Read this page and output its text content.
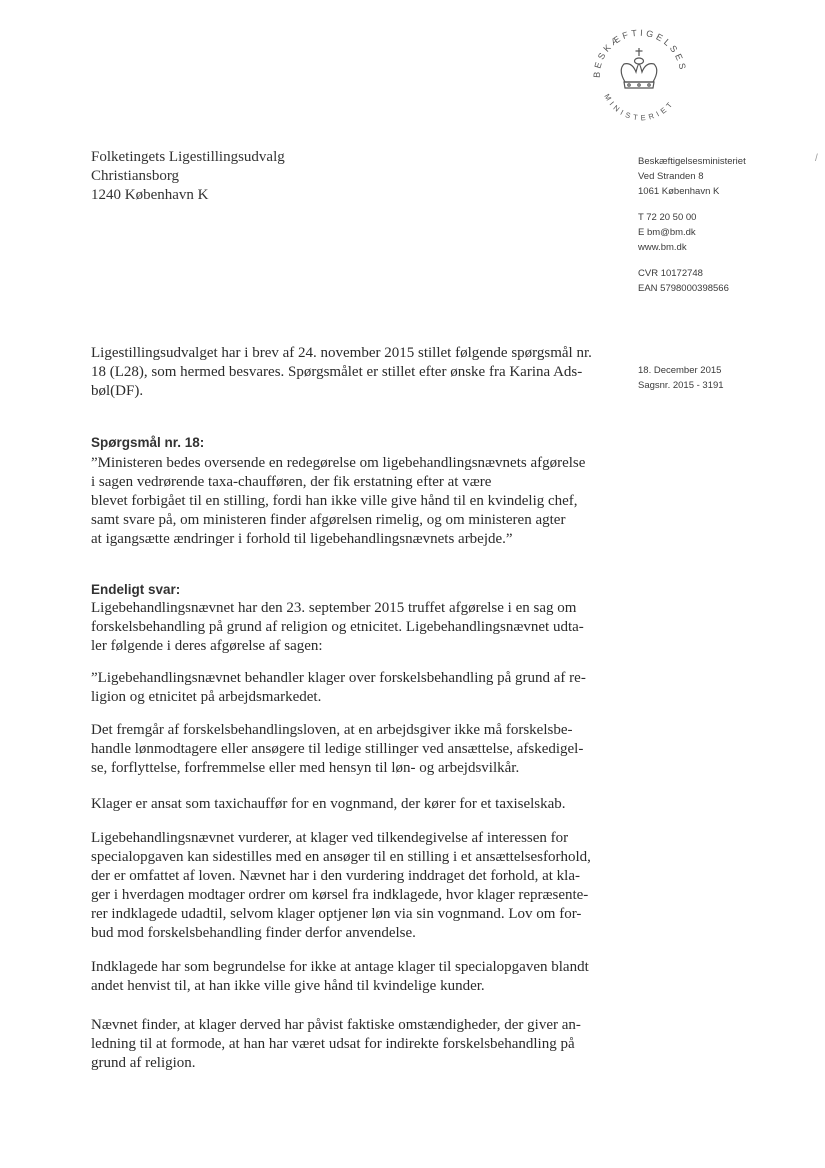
BESKÆFTIGELSES
MINISTERIET
Folketingets Ligestillingsudvalg
Christiansborg
1240 København K
Beskæftigelsesministeriet
Ved Stranden 8
1061 København K
T 72 20 50 00
E bm@bm.dk
www.bm.dk
CVR 10172748
EAN 5798000398566
/
18. December 2015
Sagsnr. 2015 - 3191
Ligestillingsudvalget har i brev af 24. november 2015 stillet følgende spørgsmål nr.
18 (L28), som hermed besvares. Spørgsmålet er stillet efter ønske fra Karina Ads-
bøl(DF).
Spørgsmål nr. 18:
”Ministeren bedes oversende en redegørelse om ligebehandlingsnævnets afgørelse
i sagen vedrørende taxa-chaufføren, der fik erstatning efter at være
blevet forbigået til en stilling, fordi han ikke ville give hånd til en kvindelig chef,
samt svare på, om ministeren finder afgørelsen rimelig, og om ministeren agter
at igangsætte ændringer i forhold til ligebehandlingsnævnets arbejde.”
Endeligt svar:
Ligebehandlingsnævnet har den 23. september 2015 truffet afgørelse i en sag om
forskelsbehandling på grund af religion og etnicitet. Ligebehandlingsnævnet udta-
ler følgende i deres afgørelse af sagen:
”Ligebehandlingsnævnet behandler klager over forskelsbehandling på grund af re-
ligion og etnicitet på arbejdsmarkedet.
Det fremgår af forskelsbehandlingsloven, at en arbejdsgiver ikke må forskelsbe-
handle lønmodtagere eller ansøgere til ledige stillinger ved ansættelse, afskedigel-
se, forflyttelse, forfremmelse eller med hensyn til løn- og arbejdsvilkår.
Klager er ansat som taxichauffør for en vognmand, der kører for et taxiselskab.
Ligebehandlingsnævnet vurderer, at klager ved tilkendegivelse af interessen for
specialopgaven kan sidestilles med en ansøger til en stilling i et ansættelsesforhold,
der er omfattet af loven. Nævnet har i den vurdering inddraget det forhold, at kla-
ger i hverdagen modtager ordrer om kørsel fra indklagede, hvor klager repræsente-
rer indklagede udadtil, selvom klager optjener løn via sin vognmand. Lov om for-
bud mod forskelsbehandling finder derfor anvendelse.
Indklagede har som begrundelse for ikke at antage klager til specialopgaven blandt
andet henvist til, at han ikke ville give hånd til kvindelige kunder.
Nævnet finder, at klager derved har påvist faktiske omstændigheder, der giver an-
ledning til at formode, at han har været udsat for indirekte forskelsbehandling på
grund af religion.
